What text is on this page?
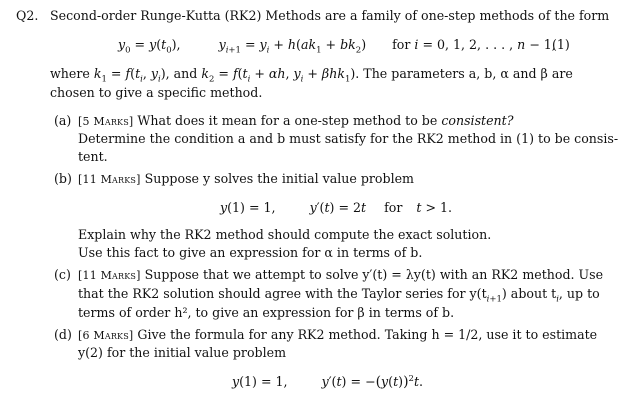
Q2. Second-order Runge-Kutta (RK2) Methods are a family of one-step methods of the form
$y_0 = y(t_0)$,	$y_{i+1} = y_i + h(ak_1 + bk_2)$  for i = 0, 1, 2, . . . , n − 1,
(1)
where $k_1 = f(t_i$, $y_i$), and $k_2 = f(t_i + \alpha h$, $y_i + \beta hk_1$). The parameters a, b, α and β are
chosen to give a specific method.
(a) [5 Marks] What does it mean for a one-step method to be consistent?
Determine the condition a and b must satisfy for the RK2 method in (1) to be consis-
tent.
(b) [11 Marks] Suppose y solves the initial value problem
y(1) = 1,  y′(t) = 2t  for  t > 1.
Explain why the RK2 method should compute the exact solution.
Use this fact to give an expression for α in terms of b.
(c) [11 Marks] Suppose that we attempt to solve y′(t) = λy(t) with an RK2 method. Use
that the RK2 solution should agree with the Taylor series for $y(t_{i+1})$ about $t_i$, up to
terms of order h², to give an expression for β in terms of b.
(d) [6 Marks] Give the formula for any RK2 method. Taking h = 1/2, use it to estimate
y(2) for the initial value problem
y(1) = 1,  $y'(t) = -(y(t))^2t$.
